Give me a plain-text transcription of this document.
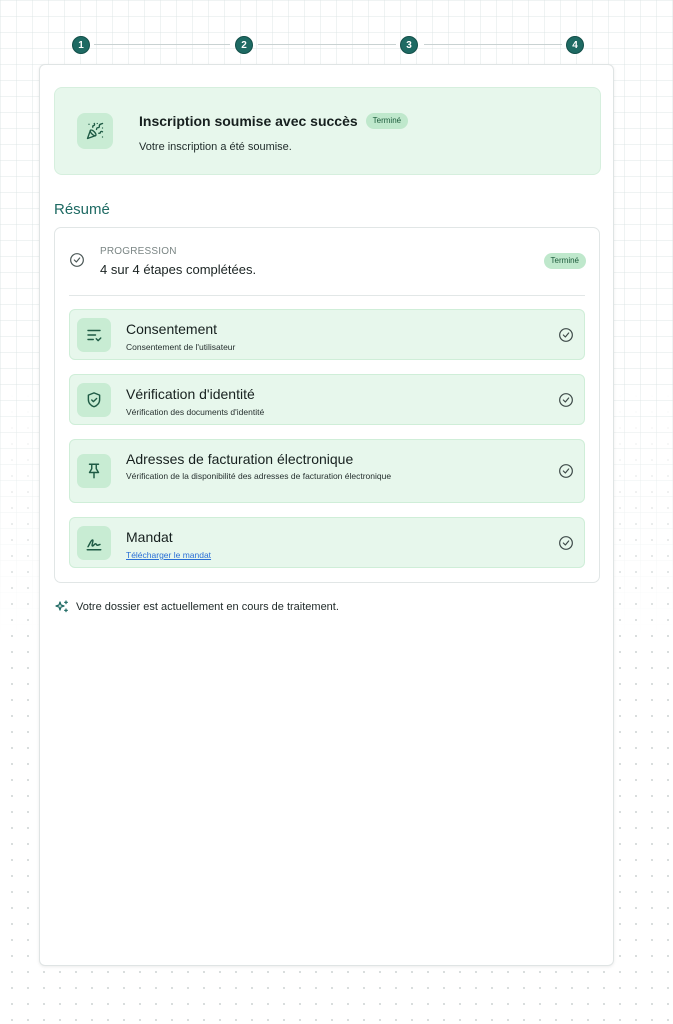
1	2	3	4
Inscription soumise avec succès	Terminé
Votre inscription a été soumise.
Résumé
PROGRESSION
4 sur 4 étapes complétées.
Terminé
Consentement
Consentement de l'utilisateur
Vérification d'identité
Vérification des documents d'identité
Adresses de facturation électronique
Vérification de la disponibilité des adresses de facturation électronique
Mandat
Télécharger le mandat
Votre dossier est actuellement en cours de traitement.
